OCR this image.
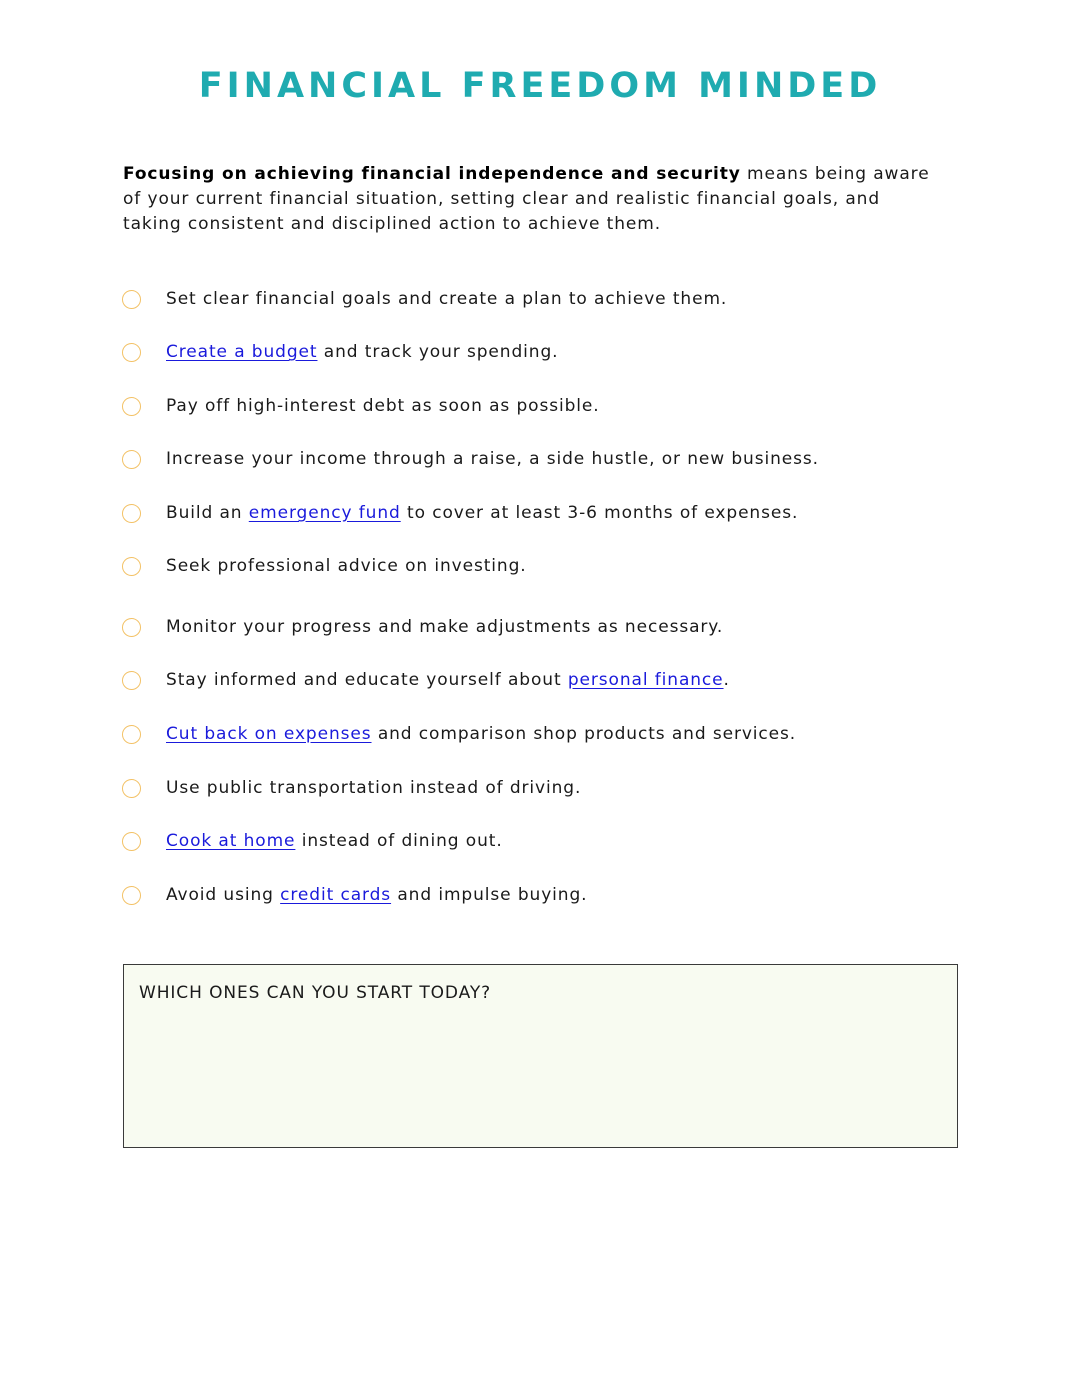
FINANCIAL FREEDOM MINDED

Focusing on achieving financial independence and security means being aware of your current financial situation, setting clear and realistic financial goals, and taking consistent and disciplined action to achieve them.

Set clear financial goals and create a plan to achieve them.
Create a budget and track your spending.
Pay off high-interest debt as soon as possible.
Increase your income through a raise, a side hustle, or new business.
Build an emergency fund to cover at least 3-6 months of expenses.
Seek professional advice on investing.
Monitor your progress and make adjustments as necessary.
Stay informed and educate yourself about personal finance.
Cut back on expenses and comparison shop products and services.
Use public transportation instead of driving.
Cook at home instead of dining out.
Avoid using credit cards and impulse buying.

WHICH ONES CAN YOU START TODAY?
